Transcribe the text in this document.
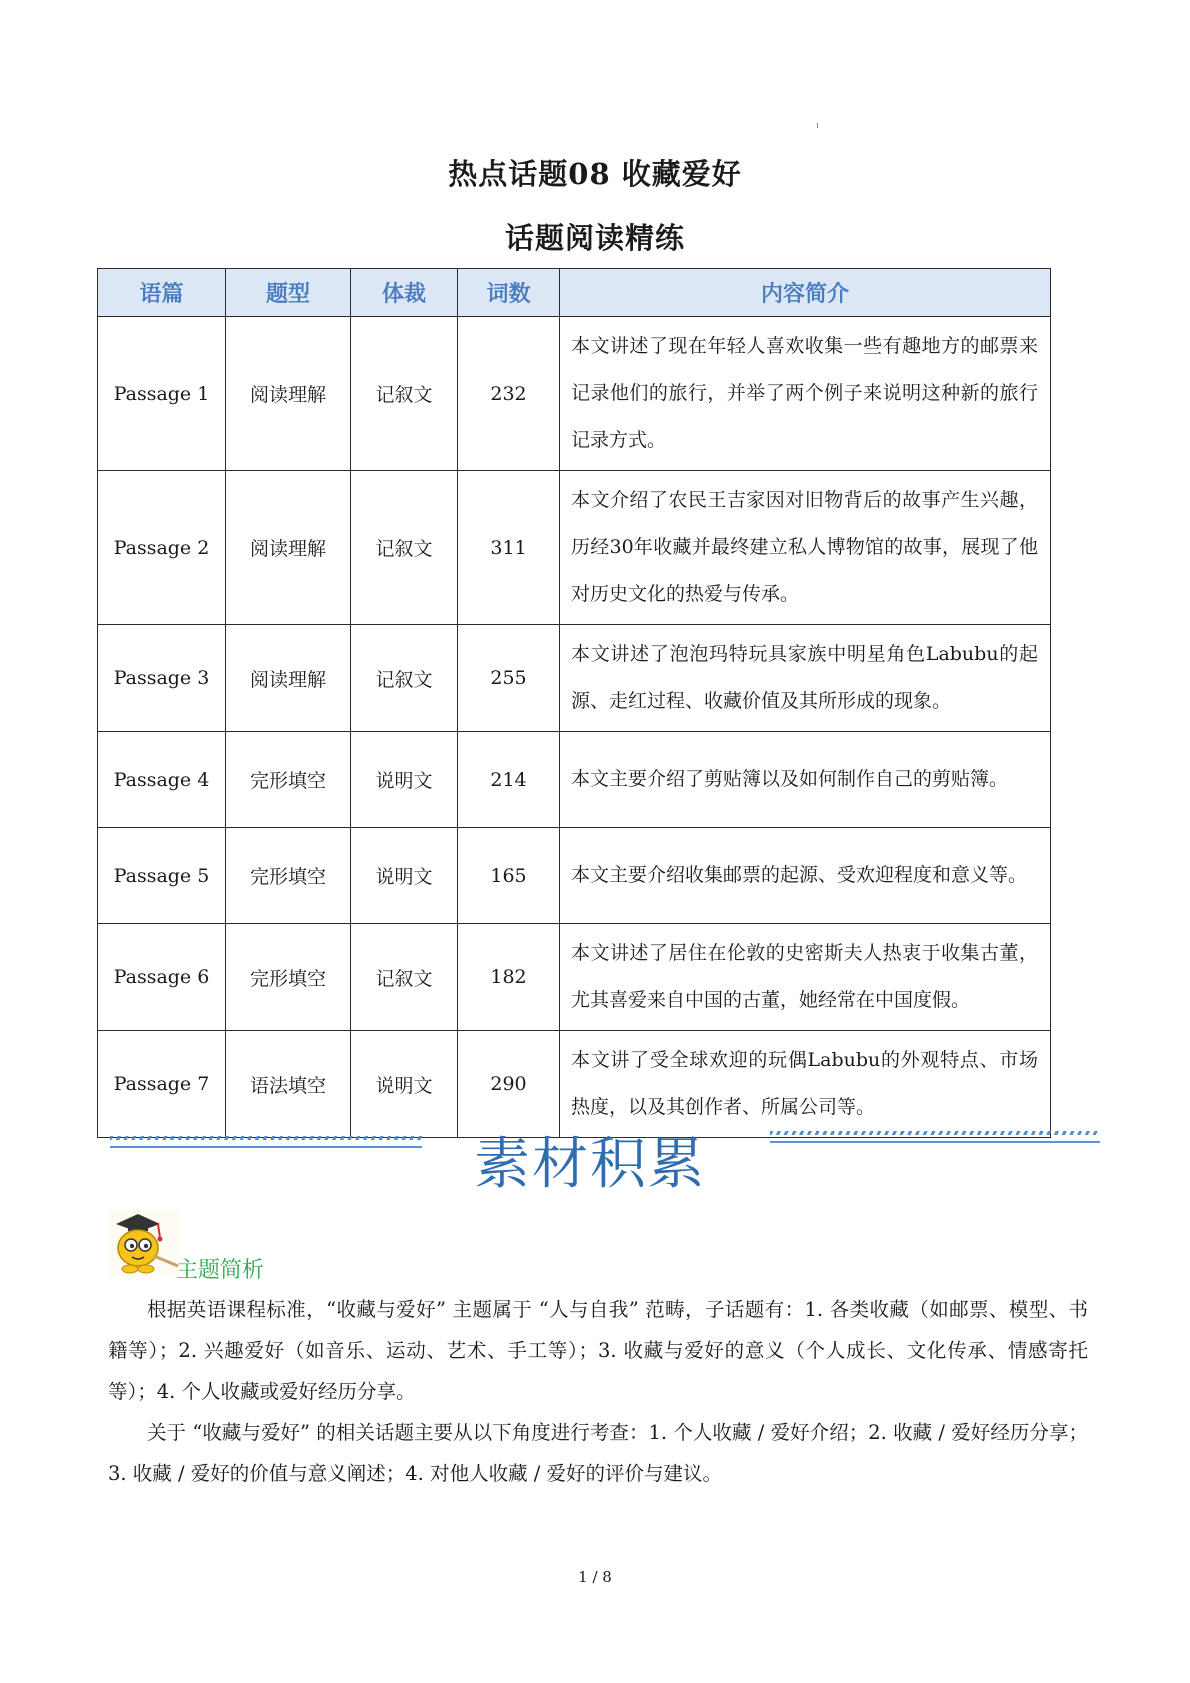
热点话题08 收藏爱好
话题阅读精练
语篇	题型	体裁	词数	内容简介
Passage 1	阅读理解	记叙文	232	本文讲述了现在年轻人喜欢收集一些有趣地方的邮票来记录他们的旅行，并举了两个例子来说明这种新的旅行记录方式。
Passage 2	阅读理解	记叙文	311	本文介绍了农民王吉家因对旧物背后的故事产生兴趣，历经30年收藏并最终建立私人博物馆的故事，展现了他对历史文化的热爱与传承。
Passage 3	阅读理解	记叙文	255	本文讲述了泡泡玛特玩具家族中明星角色Labubu的起源、走红过程、收藏价值及其所形成的现象。
Passage 4	完形填空	说明文	214	本文主要介绍了剪贴簿以及如何制作自己的剪贴簿。
Passage 5	完形填空	说明文	165	本文主要介绍收集邮票的起源、受欢迎程度和意义等。
Passage 6	完形填空	记叙文	182	本文讲述了居住在伦敦的史密斯夫人热衷于收集古董，尤其喜爱来自中国的古董，她经常在中国度假。
Passage 7	语法填空	说明文	290	本文讲了受全球欢迎的玩偶Labubu的外观特点、市场热度，以及其创作者、所属公司等。
素材积累
主题简析
根据英语课程标准，“收藏与爱好” 主题属于 “人与自我” 范畴，子话题有：1. 各类收藏（如邮票、模型、书籍等）；2. 兴趣爱好（如音乐、运动、艺术、手工等）；3. 收藏与爱好的意义（个人成长、文化传承、情感寄托等）；4. 个人收藏或爱好经历分享。
关于 “收藏与爱好” 的相关话题主要从以下角度进行考查：1. 个人收藏 / 爱好介绍；2. 收藏 / 爱好经历分享；3. 收藏 / 爱好的价值与意义阐述；4. 对他人收藏 / 爱好的评价与建议。
1 / 8
